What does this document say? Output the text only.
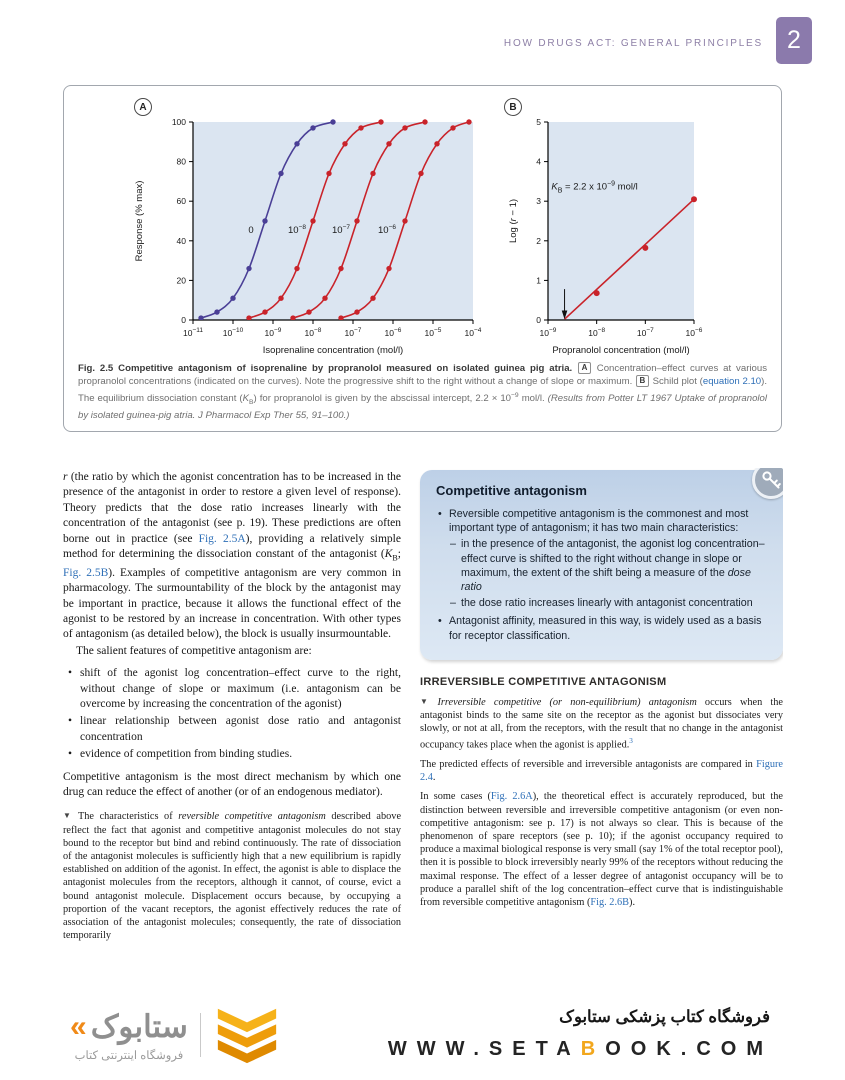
HOW DRUGS ACT: GENERAL PRINCIPLES 2
A	B
0
20
40
60
80
100
$10^{-11}$ $10^{-10}$	$10^{-9}$	$10^{-8}$	$10^{-7}$	$10^{-6}$	$10^{-5}$	$10^{-4}$
0	$10^{-8}$	$10^{-7}$	$10^{-6}$
Isoprenaline concentration (mol/l)
Response (% max)
0
1
2
3
4
5
$10^{-9}$	$10^{-8}$	$10^{-7}$	$10^{-6}$
$K_B = 2.2$ x $10^{-9}$ mol/l
Log (r − 1)
Propranolol concentration (mol/l)

Fig. 2.5 Competitive antagonism of isoprenaline by propranolol measured on isolated guinea pig atria. A Concentration–effect curves at various propranolol concentrations (indicated on the curves). Note the progressive shift to the right without a change of slope or maximum. B Schild plot (equation 2.10). The equilibrium dissociation constant $(K_B)$ for propranolol is given by the abscissal intercept, $2.2 \times 10^{-9}$ mol/l. (Results from Potter LT 1967 Uptake of propranolol by isolated guinea-pig atria. J Pharmacol Exp Ther 55, 91–100.)

r (the ratio by which the agonist concentration has to be increased in the presence of the antagonist in order to restore a given level of response). Theory predicts that the dose ratio increases linearly with the concentration of the antagonist (see p. 19). These predictions are often borne out in practice (see Fig. 2.5A), providing a relatively simple method for determining the dissociation constant of the antagonist ($K_B$; Fig. 2.5B). Examples of competitive antagonism are very common in pharmacology. The surmountability of the block by the antagonist may be important in practice, because it allows the functional effect of the agonist to be restored by an increase in concentration. With other types of antagonism (as detailed below), the block is usually insurmountable.

The salient features of competitive antagonism are:

• shift of the agonist log concentration–effect curve to the right, without change of slope or maximum (i.e. antagonism can be overcome by increasing the concentration of the agonist)
• linear relationship between agonist dose ratio and antagonist concentration
• evidence of competition from binding studies.

Competitive antagonism is the most direct mechanism by which one drug can reduce the effect of another (or of an endogenous mediator).

▼ The characteristics of reversible competitive antagonism described above reflect the fact that agonist and competitive antagonist molecules do not stay bound to the receptor but bind and rebind continuously. The rate of dissociation of the antagonist molecules is sufficiently high that a new equilibrium is rapidly established on addition of the agonist. In effect, the agonist is able to displace the antagonist molecules from the receptors, although it cannot, of course, evict a bound antagonist molecule. Displacement occurs because, by occupying a proportion of the vacant receptors, the agonist effectively reduces the rate of association of the antagonist molecules; consequently, the rate of dissociation temporarily

Competitive antagonism
• Reversible competitive antagonism is the commonest and most important type of antagonism; it has two main characteristics:
– in the presence of the antagonist, the agonist log concentration–effect curve is shifted to the right without change in slope or maximum, the extent of the shift being a measure of the dose ratio
– the dose ratio increases linearly with antagonist concentration
• Antagonist affinity, measured in this way, is widely used as a basis for receptor classification.
IRREVERSIBLE COMPETITIVE ANTAGONISM

▼ Irreversible competitive (or non-equilibrium) antagonism occurs when the antagonist binds to the same site on the receptor as the agonist but dissociates very slowly, or not at all, from the receptors, with the result that no change in the antagonist occupancy takes place when the agonist is applied.$^3$

The predicted effects of reversible and irreversible antagonists are compared in Figure 2.4.

In some cases (Fig. 2.6A), the theoretical effect is accurately reproduced, but the distinction between reversible and irreversible competitive antagonism (or even non-competitive antagonism: see p. 17) is not always so clear. This is because of the phenomenon of spare receptors (see p. 10); if the agonist occupancy required to produce a maximal biological response is very small (say 1% of the total receptor pool), then it is possible to block irreversibly nearly 99% of the receptors without reducing the maximal response. The effect of a lesser degree of antagonist occupancy will be to produce a parallel shift of the log concentration–effect curve that is indistinguishable from reversible competitive antagonism (Fig. 2.6B).

« ستابوک
فروشگاه اینترنتی کتاب
فروشگاه کتاب پزشکی ستابوک
WWW.SETABOOK.COM
